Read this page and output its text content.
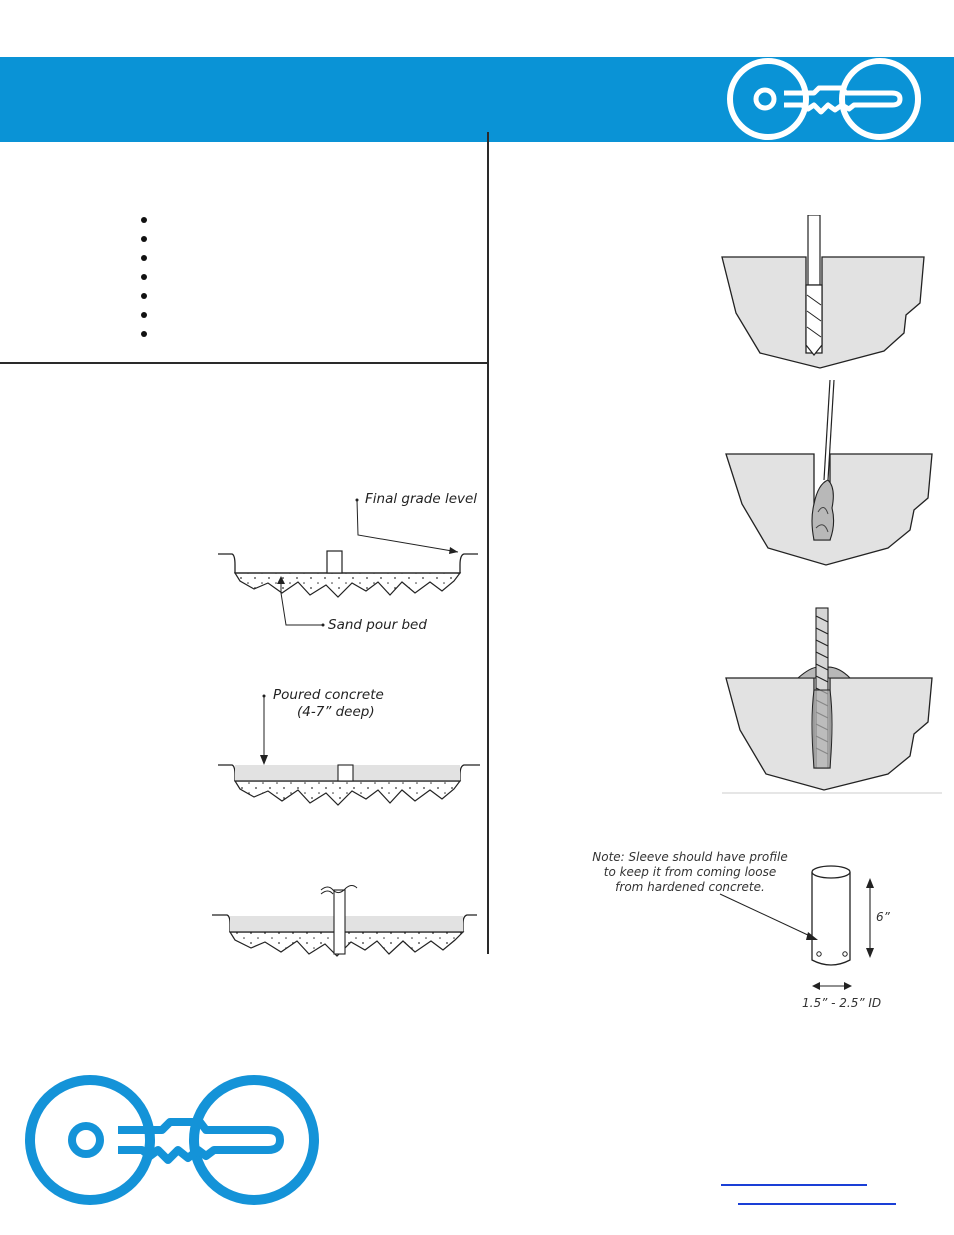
Final grade level
Sand pour bed
Poured concrete
(4-7” deep)
Note: Sleeve should have profile
to keep it from coming loose
from hardened concrete.
6”
1.5” - 2.5” ID
